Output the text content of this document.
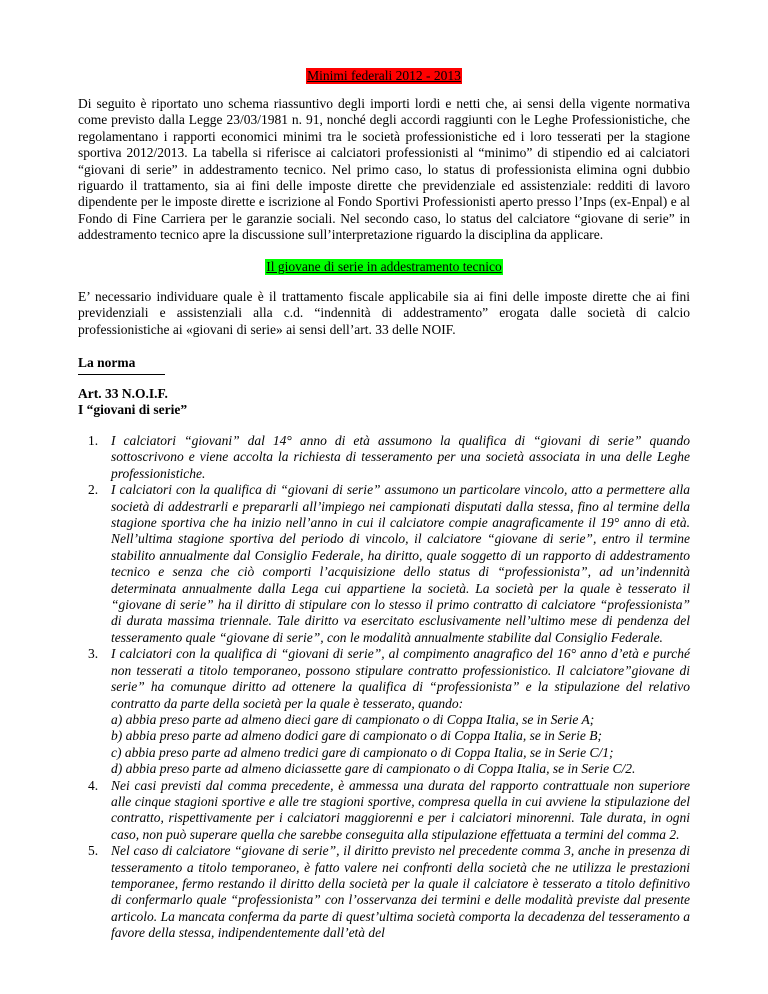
Minimi federali 2012 - 2013

Di seguito è riportato uno schema riassuntivo degli importi lordi e netti che, ai sensi della vigente normativa come previsto dalla Legge 23/03/1981 n. 91, nonché degli accordi raggiunti con le Leghe Professionistiche, che regolamentano i rapporti economici minimi tra le società professionistiche ed i loro tesserati per la stagione sportiva 2012/2013. La tabella si riferisce ai calciatori professionisti al “minimo” di stipendio ed ai calciatori “giovani di serie” in addestramento tecnico. Nel primo caso, lo status di professionista elimina ogni dubbio riguardo il trattamento, sia ai fini delle imposte dirette che previdenziale ed assistenziale: redditi di lavoro dipendente per le imposte dirette e iscrizione al Fondo Sportivi Professionisti aperto presso l’Inps (ex-Enpal) e al Fondo di Fine Carriera per le garanzie sociali. Nel secondo caso, lo status del calciatore “giovane di serie” in addestramento tecnico apre la discussione sull’interpretazione riguardo la disciplina da applicare.

Il giovane di serie in addestramento tecnico

E’ necessario individuare quale è il trattamento fiscale applicabile sia ai fini delle imposte dirette che ai fini previdenziali e assistenziali alla c.d. “indennità di addestramento” erogata dalle società di calcio professionistiche ai «giovani di serie» ai sensi dell’art. 33 delle NOIF.

La norma
Art. 33 N.O.I.F.
I “giovani di serie”
1. I calciatori “giovani” dal 14° anno di età assumono la qualifica di “giovani di serie” quando sottoscrivono e viene accolta la richiesta di tesseramento per una società associata in una delle Leghe professionistiche.
2. I calciatori con la qualifica di “giovani di serie” assumono un particolare vincolo, atto a permettere alla società di addestrarli e prepararli all’impiego nei campionati disputati dalla stessa, fino al termine della stagione sportiva che ha inizio nell’anno in cui il calciatore compie anagraficamente il 19° anno di età. Nell’ultima stagione sportiva del periodo di vincolo, il calciatore “giovane di serie”, entro il termine stabilito annualmente dal Consiglio Federale, ha diritto, quale soggetto di un rapporto di addestramento tecnico e senza che ciò comporti l’acquisizione dello status di “professionista”, ad un’indennità determinata annualmente dalla Lega cui appartiene la società. La società per la quale è tesserato il “giovane di serie” ha il diritto di stipulare con lo stesso il primo contratto di calciatore “professionista” di durata massima triennale. Tale diritto va esercitato esclusivamente nell’ultimo mese di pendenza del tesseramento quale “giovane di serie”, con le modalità annualmente stabilite dal Consiglio Federale.
3. I calciatori con la qualifica di “giovani di serie”, al compimento anagrafico del 16° anno d’età e purché non tesserati a titolo temporaneo, possono stipulare contratto professionistico. Il calciatore”giovane di serie” ha comunque diritto ad ottenere la qualifica di “professionista” e la stipulazione del relativo contratto da parte della società per la quale è tesserato, quando:
a) abbia preso parte ad almeno dieci gare di campionato o di Coppa Italia, se in Serie A;
b) abbia preso parte ad almeno dodici gare di campionato o di Coppa Italia, se in Serie B;
c) abbia preso parte ad almeno tredici gare di campionato o di Coppa Italia, se in Serie C/1;
d) abbia preso parte ad almeno diciassette gare di campionato o di Coppa Italia, se in Serie C/2.
4. Nei casi previsti dal comma precedente, è ammessa una durata del rapporto contrattuale non superiore alle cinque stagioni sportive e alle tre stagioni sportive, compresa quella in cui avviene la stipulazione del contratto, rispettivamente per i calciatori maggiorenni e per i calciatori minorenni. Tale durata, in ogni caso, non può superare quella che sarebbe conseguita alla stipulazione effettuata a termini del comma 2.
5. Nel caso di calciatore “giovane di serie”, il diritto previsto nel precedente comma 3, anche in presenza di tesseramento a titolo temporaneo, è fatto valere nei confronti della società che ne utilizza le prestazioni temporanee, fermo restando il diritto della società per la quale il calciatore è tesserato a titolo definitivo di confermarlo quale “professionista” con l’osservanza dei termini e delle modalità previste dal presente articolo. La mancata conferma da parte di quest’ultima società comporta la decadenza del tesseramento a favore della stessa, indipendentemente dall’età del
